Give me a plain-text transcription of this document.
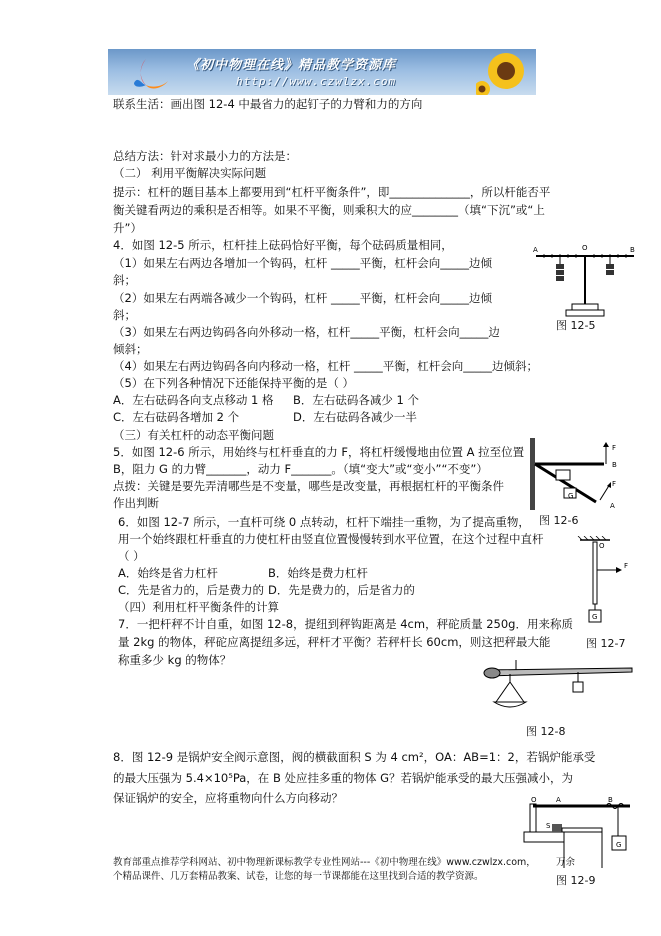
《初中物理在线》精品教学资源库
http://www.czwlzx.com
联系生活：画出图 12-4 中最省力的起钉子的力臂和力的方向
总结方法：针对求最小力的方法是：
（二） 利用平衡解决实际问题
提示：杠杆的题目基本上都要用到“杠杆平衡条件”，即______________，所以杆能否平
衡关键看两边的乘积是否相等。如果不平衡，则乘积大的应________（填“下沉”或“上
升”）
4．如图 12-5 所示，杠杆挂上砝码恰好平衡，每个砝码质量相同，
（1）如果左右两边各增加一个钩码，杠杆 _____平衡，杠杆会向_____边倾
斜；
（2）如果左右两端各减少一个钩码，杠杆 _____平衡，杠杆会向_____边倾
斜；
（3）如果左右两边钩码各向外移动一格，杠杆_____平衡，杠杆会向_____边
倾斜；
（4）如果左右两边钩码各向内移动一格，杠杆 _____平衡，杠杆会向_____边倾斜；
（5）在下列各种情况下还能保持平衡的是（ ）
A．左右砝码各向支点移动 1 格 B．左右砝码各减少 1 个
C．左右砝码各增加 2 个	D．左右砝码各减少一半
（三）有关杠杆的动态平衡问题
5．如图 12-6 所示，用始终与杠杆垂直的力 F，将杠杆缓慢地由位置 A 拉至位置
B，阻力 G 的力臂_______，动力 F_______。（填“变大”或“变小”“不变”）
点拨：关键是要先弄清哪些是不变量，哪些是改变量，再根据杠杆的平衡条件
作出判断
6．如图 12-7 所示，一直杆可绕 0 点转动，杠杆下端挂一重物，为了提高重物，
用一个始终跟杠杆垂直的力使杠杆由竖直位置慢慢转到水平位置，在这个过程中直杆
（ ）
A．始终是省力杠杆	B．始终是费力杠杆
C．先是省力的，后是费力的 D．先是费力的，后是省力的
（四）利用杠杆平衡条件的计算
7．一把杆秤不计自重，如图 12-8，提纽到秤钩距离是 4cm，秤砣质量 250g．用来称质
量 2kg 的物体，秤砣应离提纽多远，秤杆才平衡？若秤杆长 60cm，则这把秤最大能
称重多少 kg 的物体？
8．图 12-9 是锅炉安全阀示意图，阀的横截面积 S 为 4 cm²，OA：AB=1：2，若锅炉能承受
的最大压强为 5.4×10⁵Pa，在 B 处应挂多重的物体 G？若锅炉能承受的最大压强减小，为
保证锅炉的安全，应将重物向什么方向移动？
A	O	B
图 12-5
F
B
G
F
A
图 12-6
O
F
G
图 12-7
图 12-8
O	A	B
S
G
图 12-9
教育部重点推荐学科网站、初中物理新课标教学专业性网站---《初中物理在线》www.czwlzx.com，
个精品课件、几万套精品教案、试卷，让您的每一节课都能在这里找到合适的教学资源。
万余
